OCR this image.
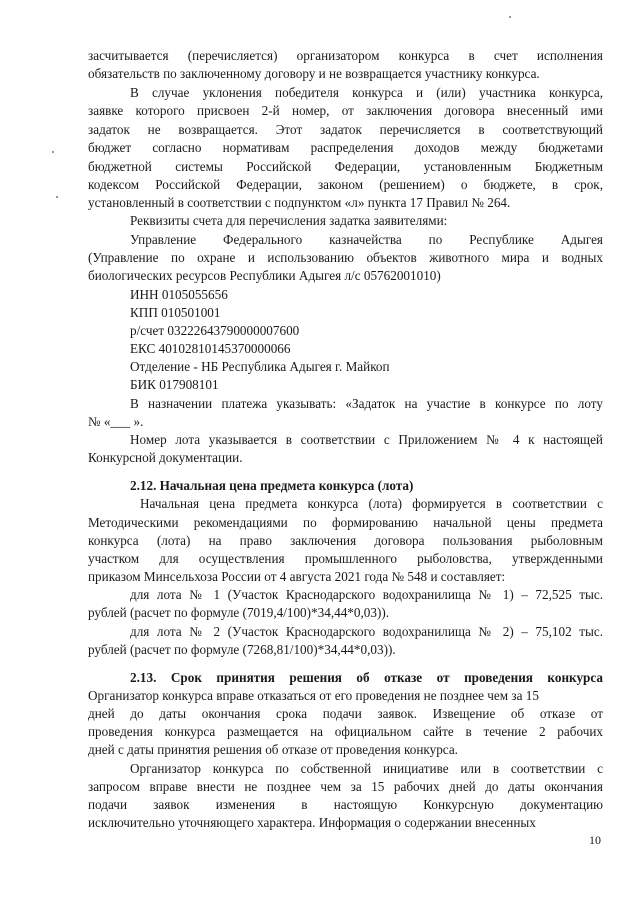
засчитывается (перечисляется) организатором конкурса в счет исполнения
обязательств по заключенному договору и не возвращается участнику конкурса.
В случае уклонения победителя конкурса и (или) участника конкурса,
заявке которого присвоен 2-й номер, от заключения договора внесенный ими
задаток не возвращается. Этот задаток перечисляется в соответствующий
бюджет согласно нормативам распределения доходов между бюджетами
бюджетной системы Российской Федерации, установленным Бюджетным
кодексом Российской Федерации, законом (решением) о бюджете, в срок,
установленный в соответствии с подпунктом «л» пункта 17 Правил № 264.
Реквизиты счета для перечисления задатка заявителями:
Управление Федерального казначейства по Республике Адыгея
(Управление по охране и использованию объектов животного мира и водных
биологических ресурсов Республики Адыгея л/с 05762001010)
ИНН 0105055656
КПП 010501001
р/счет 03222643790000007600
ЕКС 40102810145370000066
Отделение - НБ Республика Адыгея г. Майкоп
БИК 017908101
В назначении платежа указывать: «Задаток на участие в конкурсе по лоту
№ «___ ».
Номер лота указывается в соответствии с Приложением № 4 к настоящей
Конкурсной документации.
2.12. Начальная цена предмета конкурса (лота)
Начальная цена предмета конкурса (лота) формируется в соответствии с
Методическими рекомендациями по формированию начальной цены предмета
конкурса (лота) на право заключения договора пользования рыболовным
участком для осуществления промышленного рыболовства, утвержденными
приказом Минсельхоза России от 4 августа 2021 года № 548 и составляет:
для лота № 1 (Участок Краснодарского водохранилища № 1) – 72,525 тыс.
рублей (расчет по формуле (7019,4/100)*34,44*0,03)).
для лота № 2 (Участок Краснодарского водохранилища № 2) – 75,102 тыс.
рублей (расчет по формуле (7268,81/100)*34,44*0,03)).
2.13. Срок принятия решения об отказе от проведения конкурса
Организатор конкурса вправе отказаться от его проведения не позднее чем за 15
дней до даты окончания срока подачи заявок. Извещение об отказе от
проведения конкурса размещается на официальном сайте в течение 2 рабочих
дней с даты принятия решения об отказе от проведения конкурса.
Организатор конкурса по собственной инициативе или в соответствии с
запросом вправе внести не позднее чем за 15 рабочих дней до даты окончания
подачи заявок изменения в настоящую Конкурсную документацию
исключительно уточняющего характера. Информация о содержании внесенных
10
